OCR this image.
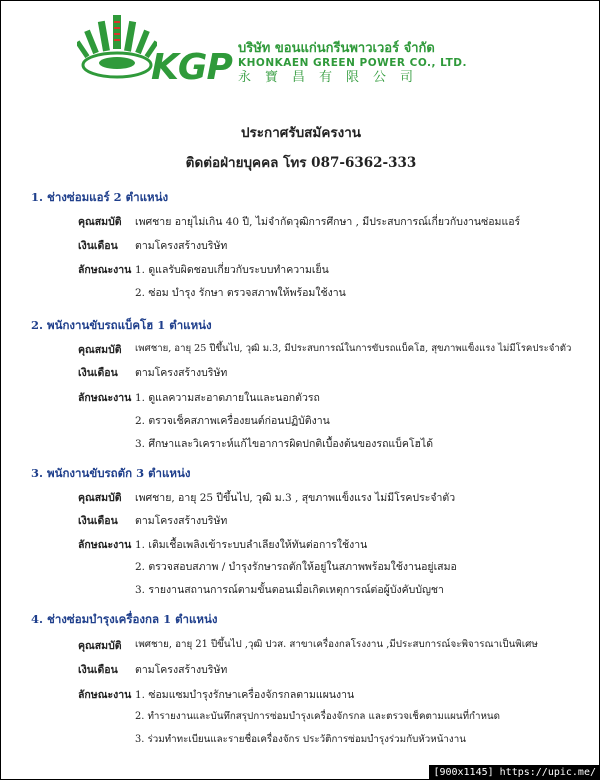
KGP บริษัท ขอนแก่นกรีนพาวเวอร์ จำกัด
KHONKAEN GREEN POWER CO., LTD.
永寶昌有限公司
ประกาศรับสมัครงาน
ติดต่อฝ่ายบุคคล โทร 087-6362-333
1. ช่างซ่อมแอร์ 2 ตำแหน่ง
คุณสมบัติ เพศชาย อายุไม่เกิน 40 ปี, ไม่จำกัดวุฒิการศึกษา , มีประสบการณ์เกี่ยวกับงานซ่อมแอร์
เงินเดือน ตามโครงสร้างบริษัท
ลักษณะงาน 1. ดูแลรับผิดชอบเกี่ยวกับระบบทำความเย็น
2. ซ่อม บำรุง รักษา ตรวจสภาพให้พร้อมใช้งาน
2. พนักงานขับรถแบ็คโฮ 1 ตำแหน่ง
คุณสมบัติ เพศชาย, อายุ 25 ปีขึ้นไป, วุฒิ ม.3, มีประสบการณ์ในการขับรถแบ็คโฮ, สุขภาพแข็งแรง ไม่มีโรคประจำตัว
เงินเดือน ตามโครงสร้างบริษัท
ลักษณะงาน 1. ดูแลความสะอาดภายในและนอกตัวรถ
2. ตรวจเช็คสภาพเครื่องยนต์ก่อนปฏิบัติงาน
3. ศึกษาและวิเคราะห์แก้ไขอาการผิดปกติเบื้องต้นของรถแบ็คโฮได้
3. พนักงานขับรถตัก 3 ตำแหน่ง
คุณสมบัติ เพศชาย, อายุ 25 ปีขึ้นไป, วุฒิ ม.3 , สุขภาพแข็งแรง ไม่มีโรคประจำตัว
เงินเดือน ตามโครงสร้างบริษัท
ลักษณะงาน 1. เติมเชื้อเพลิงเข้าระบบลำเลียงให้ทันต่อการใช้งาน
2. ตรวจสอบสภาพ / บำรุงรักษารถตักให้อยู่ในสภาพพร้อมใช้งานอยู่เสมอ
3. รายงานสถานการณ์ตามขั้นตอนเมื่อเกิดเหตุการณ์ต่อผู้บังคับบัญชา
4. ช่างซ่อมบำรุงเครื่องกล 1 ตำแหน่ง
คุณสมบัติ เพศชาย, อายุ 21 ปีขึ้นไป ,วุฒิ ปวส. สาขาเครื่องกลโรงงาน ,มีประสบการณ์จะพิจารณาเป็นพิเศษ
เงินเดือน ตามโครงสร้างบริษัท
ลักษณะงาน 1. ซ่อมแซมบำรุงรักษาเครื่องจักรกลตามแผนงาน
2. ทำรายงานและบันทึกสรุปการซ่อมบำรุงเครื่องจักรกล และตรวจเช็คตามแผนที่กำหนด
3. ร่วมทำทะเบียนและรายชื่อเครื่องจักร ประวัติการซ่อมบำรุงร่วมกับหัวหน้างาน
[900x1145] https://upic.me/
